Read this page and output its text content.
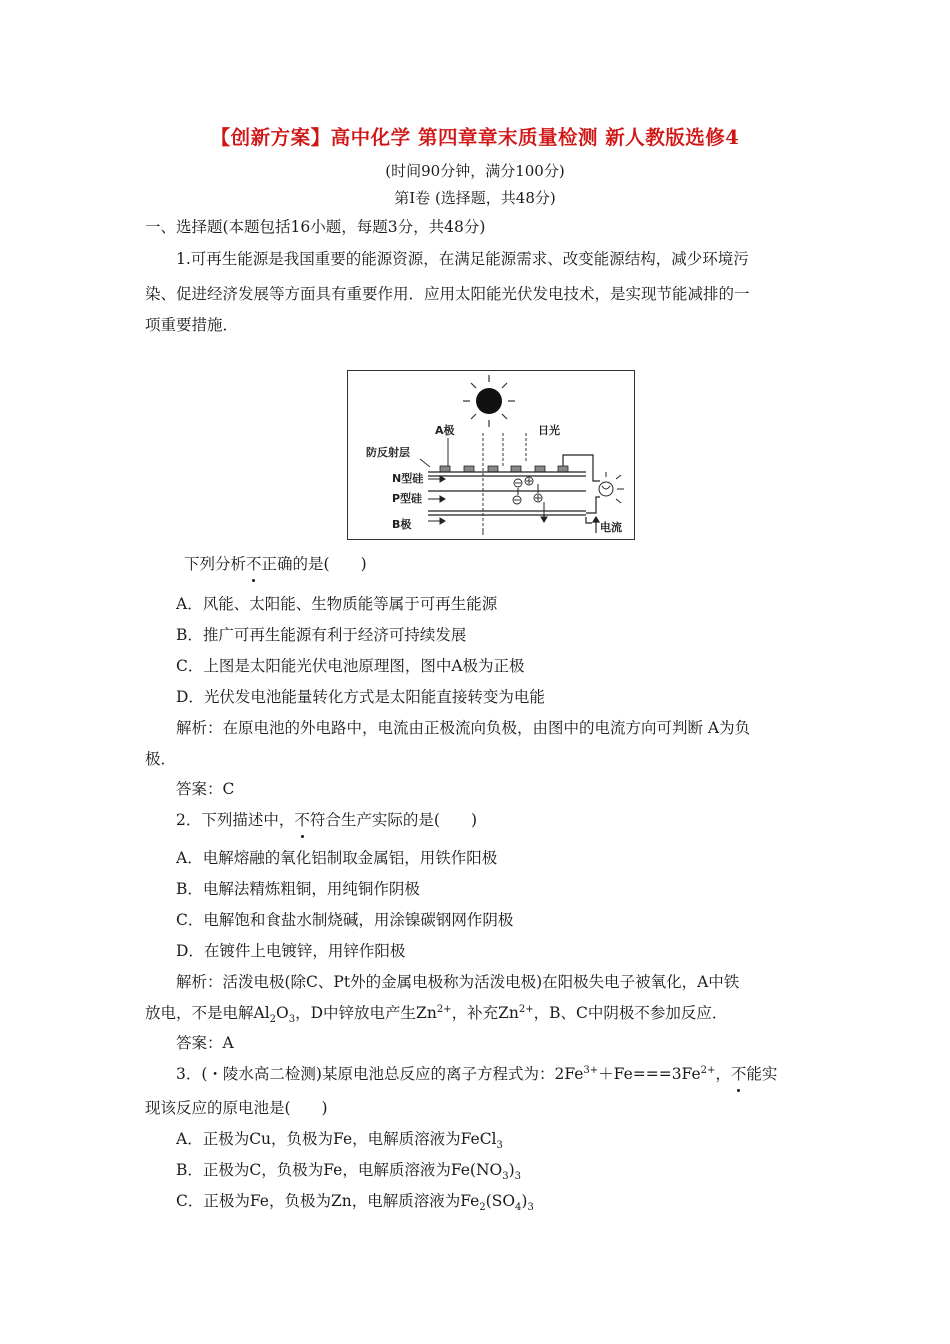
【创新方案】高中化学 第四章章末质量检测 新人教版选修4
(时间90分钟，满分100分)
第Ⅰ卷 (选择题，共48分)
一、选择题(本题包括16小题，每题3分，共48分)
1.可再生能源是我国重要的能源资源，在满足能源需求、改变能源结构，减少环境污
染、促进经济发展等方面具有重要作用．应用太阳能光伏发电技术，是实现节能减排的一
项重要措施．
A极	日光
防反射层
N型硅
P型硅
B极	电流
下列分析不正确的是(　　)
A．风能、太阳能、生物质能等属于可再生能源
B．推广可再生能源有利于经济可持续发展
C．上图是太阳能光伏电池原理图，图中A极为正极
D．光伏发电池能量转化方式是太阳能直接转变为电能
解析：在原电池的外电路中，电流由正极流向负极，由图中的电流方向可判断 A为负
极．
答案：C
2．下列描述中，不符合生产实际的是(　　)
A．电解熔融的氧化铝制取金属铝，用铁作阳极
B．电解法精炼粗铜，用纯铜作阴极
C．电解饱和食盐水制烧碱，用涂镍碳钢网作阴极
D．在镀件上电镀锌，用锌作阳极
解析：活泼电极(除C、Pt外的金属电极称为活泼电极)在阳极失电子被氧化，A中铁
放电，不是电解$Al_2O_3$，D中锌放电产生$Zn^{2+}$，补充$Zn^{2+}$，B、C中阴极不参加反应．
答案：A
3．(・陵水高二检测)某原电池总反应的离子方程式为：$2Fe^{3+}+Fe===3Fe^{2+}$，不能实
现该反应的原电池是(　　)
A．正极为Cu，负极为Fe，电解质溶液为FeCl$_3$
B．正极为C，负极为Fe，电解质溶液为$Fe(NO_3)_3$
C．正极为Fe，负极为Zn，电解质溶液为$Fe_2(SO_4)_3$
